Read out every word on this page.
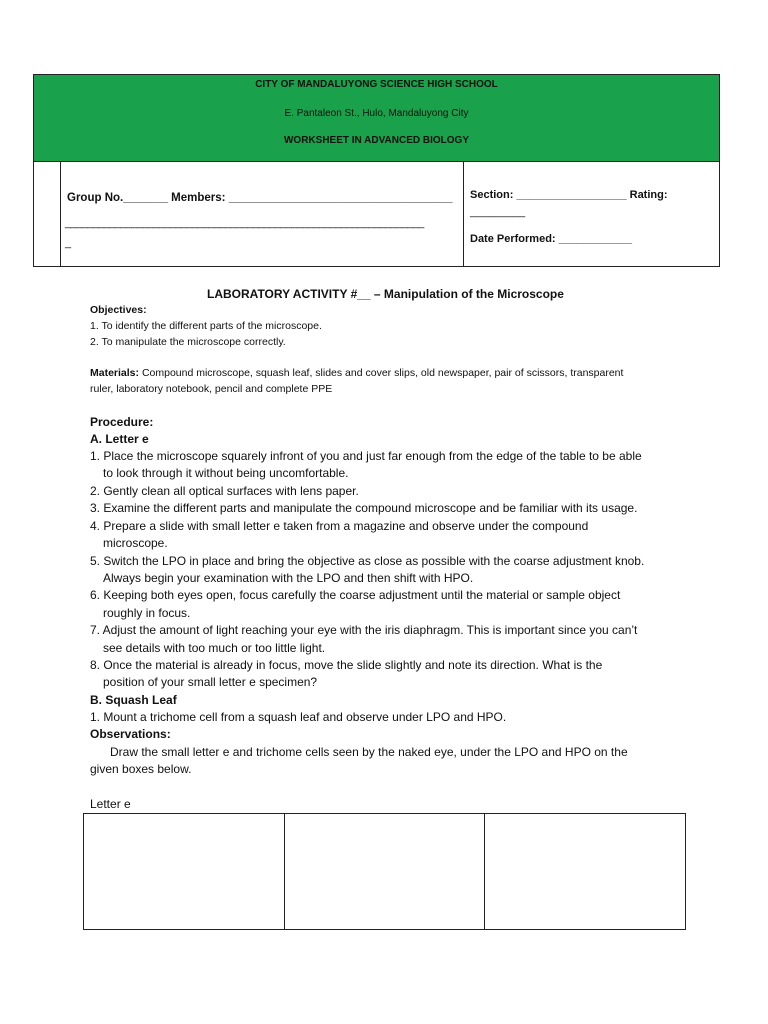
CITY OF MANDALUYONG SCIENCE HIGH SCHOOL
E. Pantaleon St., Hulo, Mandaluyong City
WORKSHEET IN ADVANCED BIOLOGY
Group No._______ Members: ___________________________________
_________________________________________________________________
_
Section: __________________ Rating:
_________
Date Performed: ____________
LABORATORY ACTIVITY #__ – Manipulation of the Microscope
Objectives:
1. To identify the different parts of the microscope.
2. To manipulate the microscope correctly.
Materials: Compound microscope, squash leaf, slides and cover slips, old newspaper, pair of scissors, transparent
ruler, laboratory notebook, pencil and complete PPE
Procedure:
A. Letter e
1. Place the microscope squarely infront of you and just far enough from the edge of the table to be able
to look through it without being uncomfortable.
2. Gently clean all optical surfaces with lens paper.
3. Examine the different parts and manipulate the compound microscope and be familiar with its usage.
4. Prepare a slide with small letter e taken from a magazine and observe under the compound
microscope.
5. Switch the LPO in place and bring the objective as close as possible with the coarse adjustment knob.
Always begin your examination with the LPO and then shift with HPO.
6. Keeping both eyes open, focus carefully the coarse adjustment until the material or sample object
roughly in focus.
7. Adjust the amount of light reaching your eye with the iris diaphragm. This is important since you can’t
see details with too much or too little light.
8. Once the material is already in focus, move the slide slightly and note its direction. What is the
position of your small letter e specimen?
B. Squash Leaf
1. Mount a trichome cell from a squash leaf and observe under LPO and HPO.
Observations:
Draw the small letter e and trichome cells seen by the naked eye, under the LPO and HPO on the
given boxes below.
Letter e
